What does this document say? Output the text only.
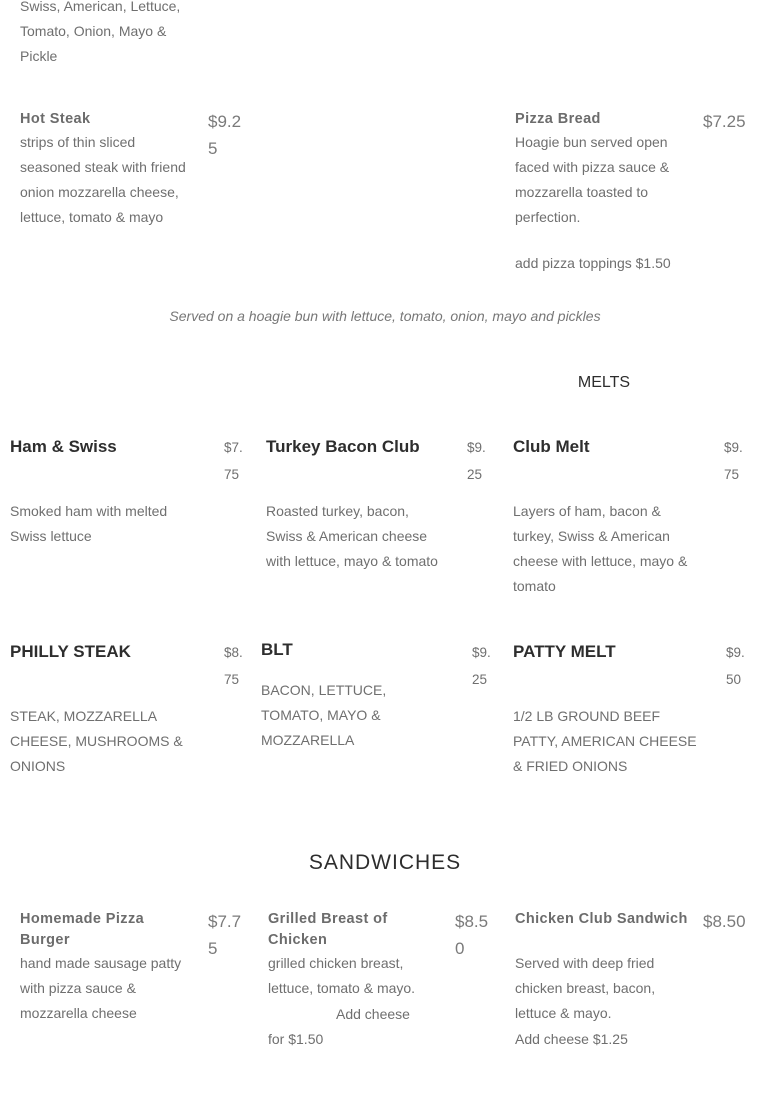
Swiss, American, Lettuce, Tomato, Onion, Mayo & Pickle
Hot Steak	$9.25
strips of thin sliced seasoned steak with friend onion mozzarella cheese, lettuce, tomato & mayo
Pizza Bread	$7.25
Hoagie bun served open faced with pizza sauce & mozzarella toasted to perfection.
add pizza toppings $1.50
Served on a hoagie bun with lettuce, tomato, onion, mayo and pickles
MELTS
Ham & Swiss	$7.75
Smoked ham with melted Swiss lettuce
Turkey Bacon Club	$9.25
Roasted turkey, bacon, Swiss & American cheese with lettuce, mayo & tomato
Club Melt	$9.75
Layers of ham, bacon & turkey, Swiss & American cheese with lettuce, mayo & tomato
PHILLY STEAK	$8.75
STEAK, MOZZARELLA CHEESE, MUSHROOMS & ONIONS
BLT	$9.25
BACON, LETTUCE, TOMATO, MAYO & MOZZARELLA
PATTY MELT	$9.50
1/2 LB GROUND BEEF PATTY, AMERICAN CHEESE & FRIED ONIONS
SANDWICHES
Homemade Pizza Burger
$7.75
hand made sausage patty with pizza sauce & mozzarella cheese
Grilled Breast of Chicken
$8.50
grilled chicken breast, lettuce, tomato & mayo.
Add cheese for $1.50
Chicken Club Sandwich $8.50
Served with deep fried chicken breast, bacon, lettuce & mayo.
Add cheese $1.25
